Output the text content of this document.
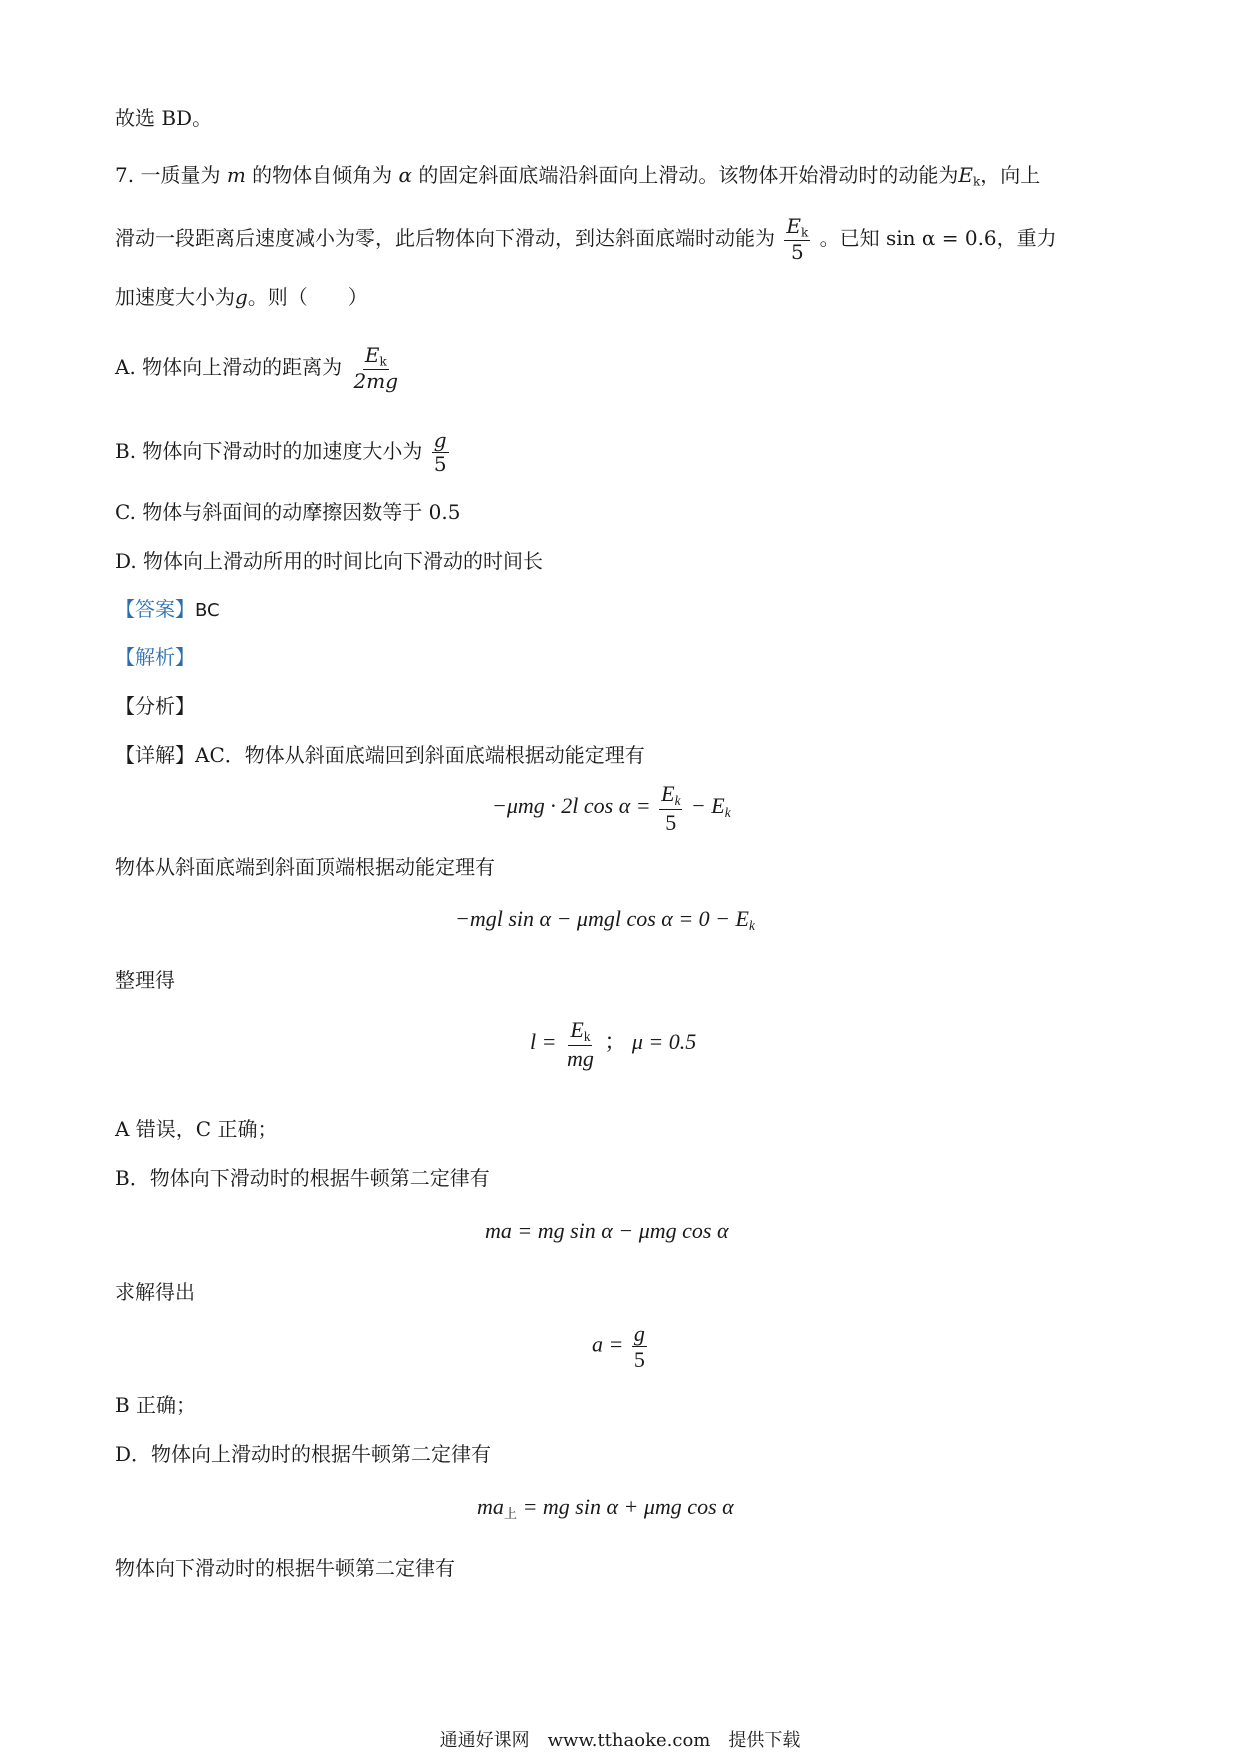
故选 BD。
7. 一质量为 m 的物体自倾角为 α 的固定斜面底端沿斜面向上滑动。该物体开始滑动时的动能为$E_k$，向上
滑动一段距离后速度减小为零，此后物体向下滑动，到达斜面底端时动能为 $\frac{E_k}{5}$ 。已知 sin α = 0.6，重力
加速度大小为g。则（　　）
A. 物体向上滑动的距离为 $\frac{E_k}{2mg}$
B. 物体向下滑动时的加速度大小为 $\frac{g}{5}$
C. 物体与斜面间的动摩擦因数等于 0.5
D. 物体向上滑动所用的时间比向下滑动的时间长
【答案】BC
【解析】
【分析】
【详解】AC．物体从斜面底端回到斜面底端根据动能定理有
−μmg · 2l $\cos \alpha = \frac{E_k}{5} - E_k$
物体从斜面底端到斜面顶端根据动能定理有
−mgl sin α − μmgl $\cos \alpha = 0 - E_k$
整理得
$l = \frac{E_k}{mg}$ ； μ = 0.5
A 错误，C 正确；
B．物体向下滑动时的根据牛顿第二定律有
ma = mg sin α − μmg cos α
求解得出
$a = \frac{g}{5}$
B 正确；
D．物体向上滑动时的根据牛顿第二定律有
$ma_上$ = mg sin α + μmg cos α
物体向下滑动时的根据牛顿第二定律有
通通好课网　www.tthaoke.com　提供下载
